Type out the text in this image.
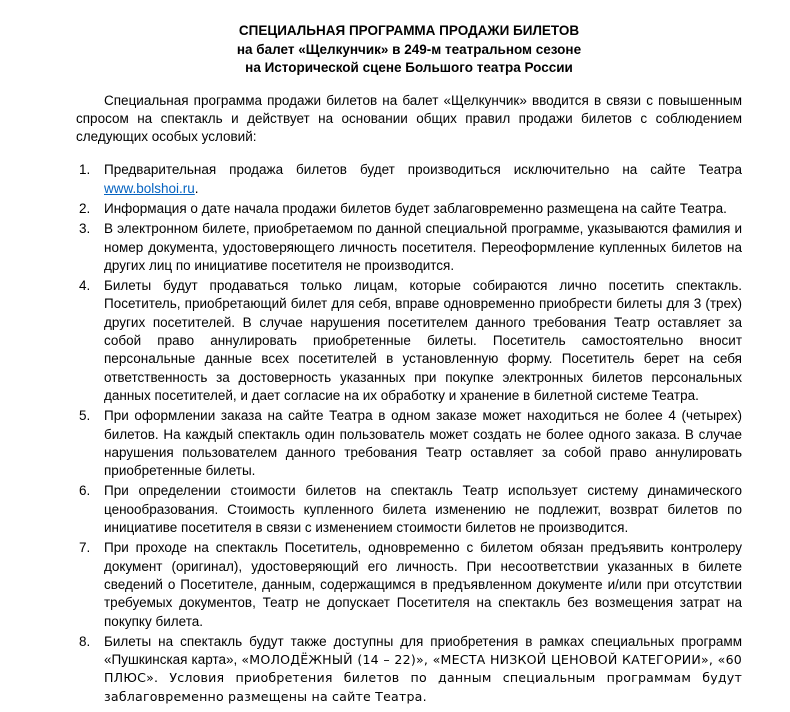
СПЕЦИАЛЬНАЯ ПРОГРАММА ПРОДАЖИ БИЛЕТОВ
на балет «Щелкунчик» в 249-м театральном сезоне
на Исторической сцене Большого театра России

Специальная программа продажи билетов на балет «Щелкунчик» вводится в связи с повышенным спросом на спектакль и действует на основании общих правил продажи билетов с соблюдением следующих особых условий:

1. Предварительная продажа билетов будет производиться исключительно на сайте Театра www.bolshoi.ru.
2. Информация о дате начала продажи билетов будет заблаговременно размещена на сайте Театра.
3. В электронном билете, приобретаемом по данной специальной программе, указываются фамилия и номер документа, удостоверяющего личность посетителя. Переоформление купленных билетов на других лиц по инициативе посетителя не производится.
4. Билеты будут продаваться только лицам, которые собираются лично посетить спектакль. Посетитель, приобретающий билет для себя, вправе одновременно приобрести билеты для 3 (трех) других посетителей. В случае нарушения посетителем данного требования Театр оставляет за собой право аннулировать приобретенные билеты. Посетитель самостоятельно вносит персональные данные всех посетителей в установленную форму. Посетитель берет на себя ответственность за достоверность указанных при покупке электронных билетов персональных данных посетителей, и дает согласие на их обработку и хранение в билетной системе Театра.
5. При оформлении заказа на сайте Театра в одном заказе может находиться не более 4 (четырех) билетов. На каждый спектакль один пользователь может создать не более одного заказа. В случае нарушения пользователем данного требования Театр оставляет за собой право аннулировать приобретенные билеты.
6. При определении стоимости билетов на спектакль Театр использует систему динамического ценообразования. Стоимость купленного билета изменению не подлежит, возврат билетов по инициативе посетителя в связи с изменением стоимости билетов не производится.
7. При проходе на спектакль Посетитель, одновременно с билетом обязан предъявить контролеру документ (оригинал), удостоверяющий его личность. При несоответствии указанных в билете сведений о Посетителе, данным, содержащимся в предъявленном документе и/или при отсутствии требуемых документов, Театр не допускает Посетителя на спектакль без возмещения затрат на покупку билета.
8. Билеты на спектакль будут также доступны для приобретения в рамках специальных программ «Пушкинская карта», «МОЛОДЁЖНЫЙ (14 – 22)», «МЕСТА НИЗКОЙ ЦЕНОВОЙ КАТЕГОРИИ», «60 ПЛЮС». Условия приобретения билетов по данным специальным программам будут заблаговременно размещены на сайте Театра.
